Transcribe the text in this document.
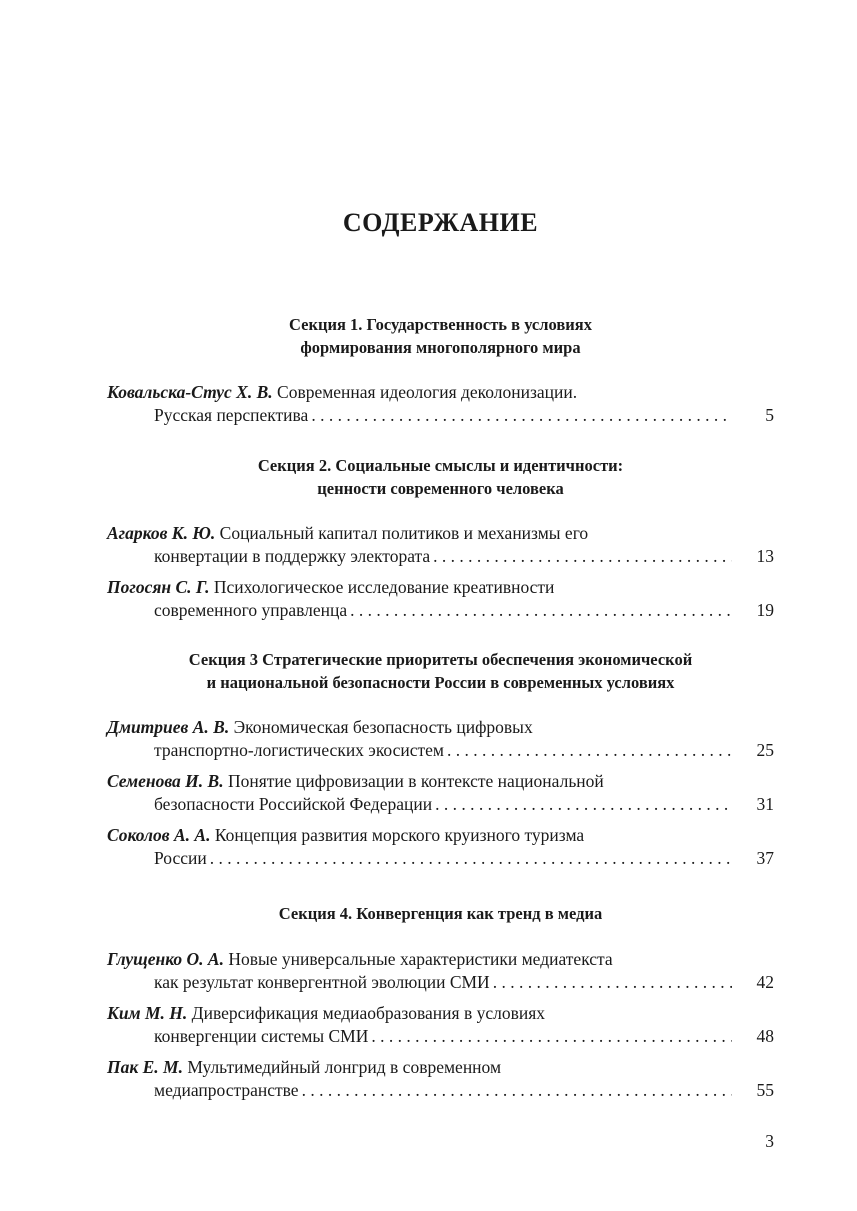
СОДЕРЖАНИЕ
Секция 1. Государственность в условиях
формирования многополярного мира
Ковальска-Стус Х. В. Современная идеология деколонизации.
Русская перспектива . . .	5
Секция 2. Социальные смыслы и идентичности:
ценности современного человека
Агарков К. Ю. Социальный капитал политиков и механизмы его
конвертации в поддержку электората . . .	13
Погосян С. Г. Психологическое исследование креативности
современного управленца . . .	19
Секция 3 Стратегические приоритеты обеспечения экономической
и национальной безопасности России в современных условиях
Дмитриев А. В. Экономическая безопасность цифровых
транспортно-логистических экосистем . . .	25
Семенова И. В. Понятие цифровизации в контексте национальной
безопасности Российской Федерации . . .	31
Соколов А. А. Концепция развития морского круизного туризма
России . . .	37
Секция 4. Конвергенция как тренд в медиа
Глущенко О. А. Новые универсальные характеристики медиатекста
как результат конвергентной эволюции СМИ . . .	42
Ким М. Н. Диверсификация медиаобразования в условиях
конвергенции системы СМИ . . .	48
Пак Е. М. Мультимедийный лонгрид в современном
медиапространстве . . .	55
3
